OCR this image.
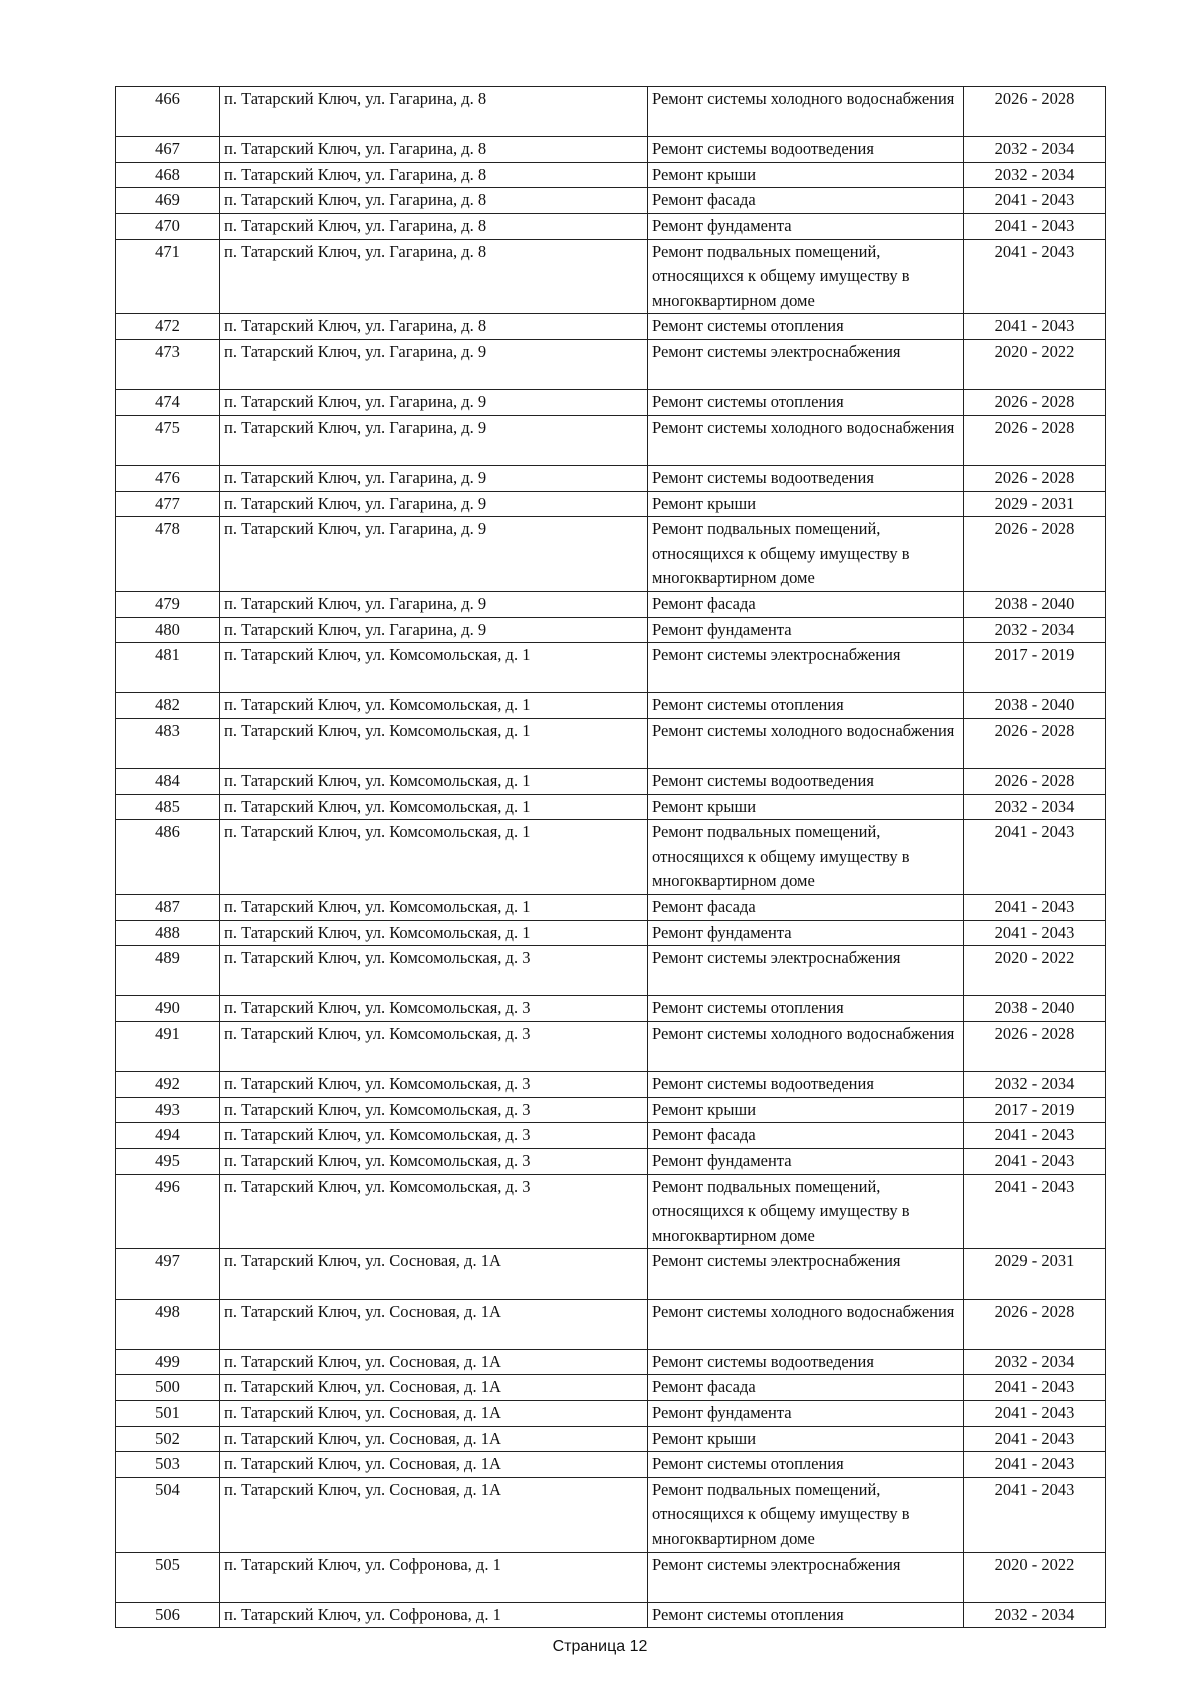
466	п. Татарский Ключ, ул. Гагарина, д. 8	Ремонт системы холодного водоснабжения	2026 - 2028
467	п. Татарский Ключ, ул. Гагарина, д. 8	Ремонт системы водоотведения	2032 - 2034
468	п. Татарский Ключ, ул. Гагарина, д. 8	Ремонт крыши	2032 - 2034
469	п. Татарский Ключ, ул. Гагарина, д. 8	Ремонт фасада	2041 - 2043
470	п. Татарский Ключ, ул. Гагарина, д. 8	Ремонт фундамента	2041 - 2043
471	п. Татарский Ключ, ул. Гагарина, д. 8	Ремонт подвальных помещений, относящихся к общему имуществу в многоквартирном доме	2041 - 2043
472	п. Татарский Ключ, ул. Гагарина, д. 8	Ремонт системы отопления	2041 - 2043
473	п. Татарский Ключ, ул. Гагарина, д. 9	Ремонт системы электроснабжения	2020 - 2022
474	п. Татарский Ключ, ул. Гагарина, д. 9	Ремонт системы отопления	2026 - 2028
475	п. Татарский Ключ, ул. Гагарина, д. 9	Ремонт системы холодного водоснабжения	2026 - 2028
476	п. Татарский Ключ, ул. Гагарина, д. 9	Ремонт системы водоотведения	2026 - 2028
477	п. Татарский Ключ, ул. Гагарина, д. 9	Ремонт крыши	2029 - 2031
478	п. Татарский Ключ, ул. Гагарина, д. 9	Ремонт подвальных помещений, относящихся к общему имуществу в многоквартирном доме	2026 - 2028
479	п. Татарский Ключ, ул. Гагарина, д. 9	Ремонт фасада	2038 - 2040
480	п. Татарский Ключ, ул. Гагарина, д. 9	Ремонт фундамента	2032 - 2034
481	п. Татарский Ключ, ул. Комсомольская, д. 1	Ремонт системы электроснабжения	2017 - 2019
482	п. Татарский Ключ, ул. Комсомольская, д. 1	Ремонт системы отопления	2038 - 2040
483	п. Татарский Ключ, ул. Комсомольская, д. 1	Ремонт системы холодного водоснабжения	2026 - 2028
484	п. Татарский Ключ, ул. Комсомольская, д. 1	Ремонт системы водоотведения	2026 - 2028
485	п. Татарский Ключ, ул. Комсомольская, д. 1	Ремонт крыши	2032 - 2034
486	п. Татарский Ключ, ул. Комсомольская, д. 1	Ремонт подвальных помещений, относящихся к общему имуществу в многоквартирном доме	2041 - 2043
487	п. Татарский Ключ, ул. Комсомольская, д. 1	Ремонт фасада	2041 - 2043
488	п. Татарский Ключ, ул. Комсомольская, д. 1	Ремонт фундамента	2041 - 2043
489	п. Татарский Ключ, ул. Комсомольская, д. 3	Ремонт системы электроснабжения	2020 - 2022
490	п. Татарский Ключ, ул. Комсомольская, д. 3	Ремонт системы отопления	2038 - 2040
491	п. Татарский Ключ, ул. Комсомольская, д. 3	Ремонт системы холодного водоснабжения	2026 - 2028
492	п. Татарский Ключ, ул. Комсомольская, д. 3	Ремонт системы водоотведения	2032 - 2034
493	п. Татарский Ключ, ул. Комсомольская, д. 3	Ремонт крыши	2017 - 2019
494	п. Татарский Ключ, ул. Комсомольская, д. 3	Ремонт фасада	2041 - 2043
495	п. Татарский Ключ, ул. Комсомольская, д. 3	Ремонт фундамента	2041 - 2043
496	п. Татарский Ключ, ул. Комсомольская, д. 3	Ремонт подвальных помещений, относящихся к общему имуществу в многоквартирном доме	2041 - 2043
497	п. Татарский Ключ, ул. Сосновая, д. 1А	Ремонт системы электроснабжения	2029 - 2031
498	п. Татарский Ключ, ул. Сосновая, д. 1А	Ремонт системы холодного водоснабжения	2026 - 2028
499	п. Татарский Ключ, ул. Сосновая, д. 1А	Ремонт системы водоотведения	2032 - 2034
500	п. Татарский Ключ, ул. Сосновая, д. 1А	Ремонт фасада	2041 - 2043
501	п. Татарский Ключ, ул. Сосновая, д. 1А	Ремонт фундамента	2041 - 2043
502	п. Татарский Ключ, ул. Сосновая, д. 1А	Ремонт крыши	2041 - 2043
503	п. Татарский Ключ, ул. Сосновая, д. 1А	Ремонт системы отопления	2041 - 2043
504	п. Татарский Ключ, ул. Сосновая, д. 1А	Ремонт подвальных помещений, относящихся к общему имуществу в многоквартирном доме	2041 - 2043
505	п. Татарский Ключ, ул. Софронова, д. 1	Ремонт системы электроснабжения	2020 - 2022
506	п. Татарский Ключ, ул. Софронова, д. 1	Ремонт системы отопления	2032 - 2034
Страница 12
